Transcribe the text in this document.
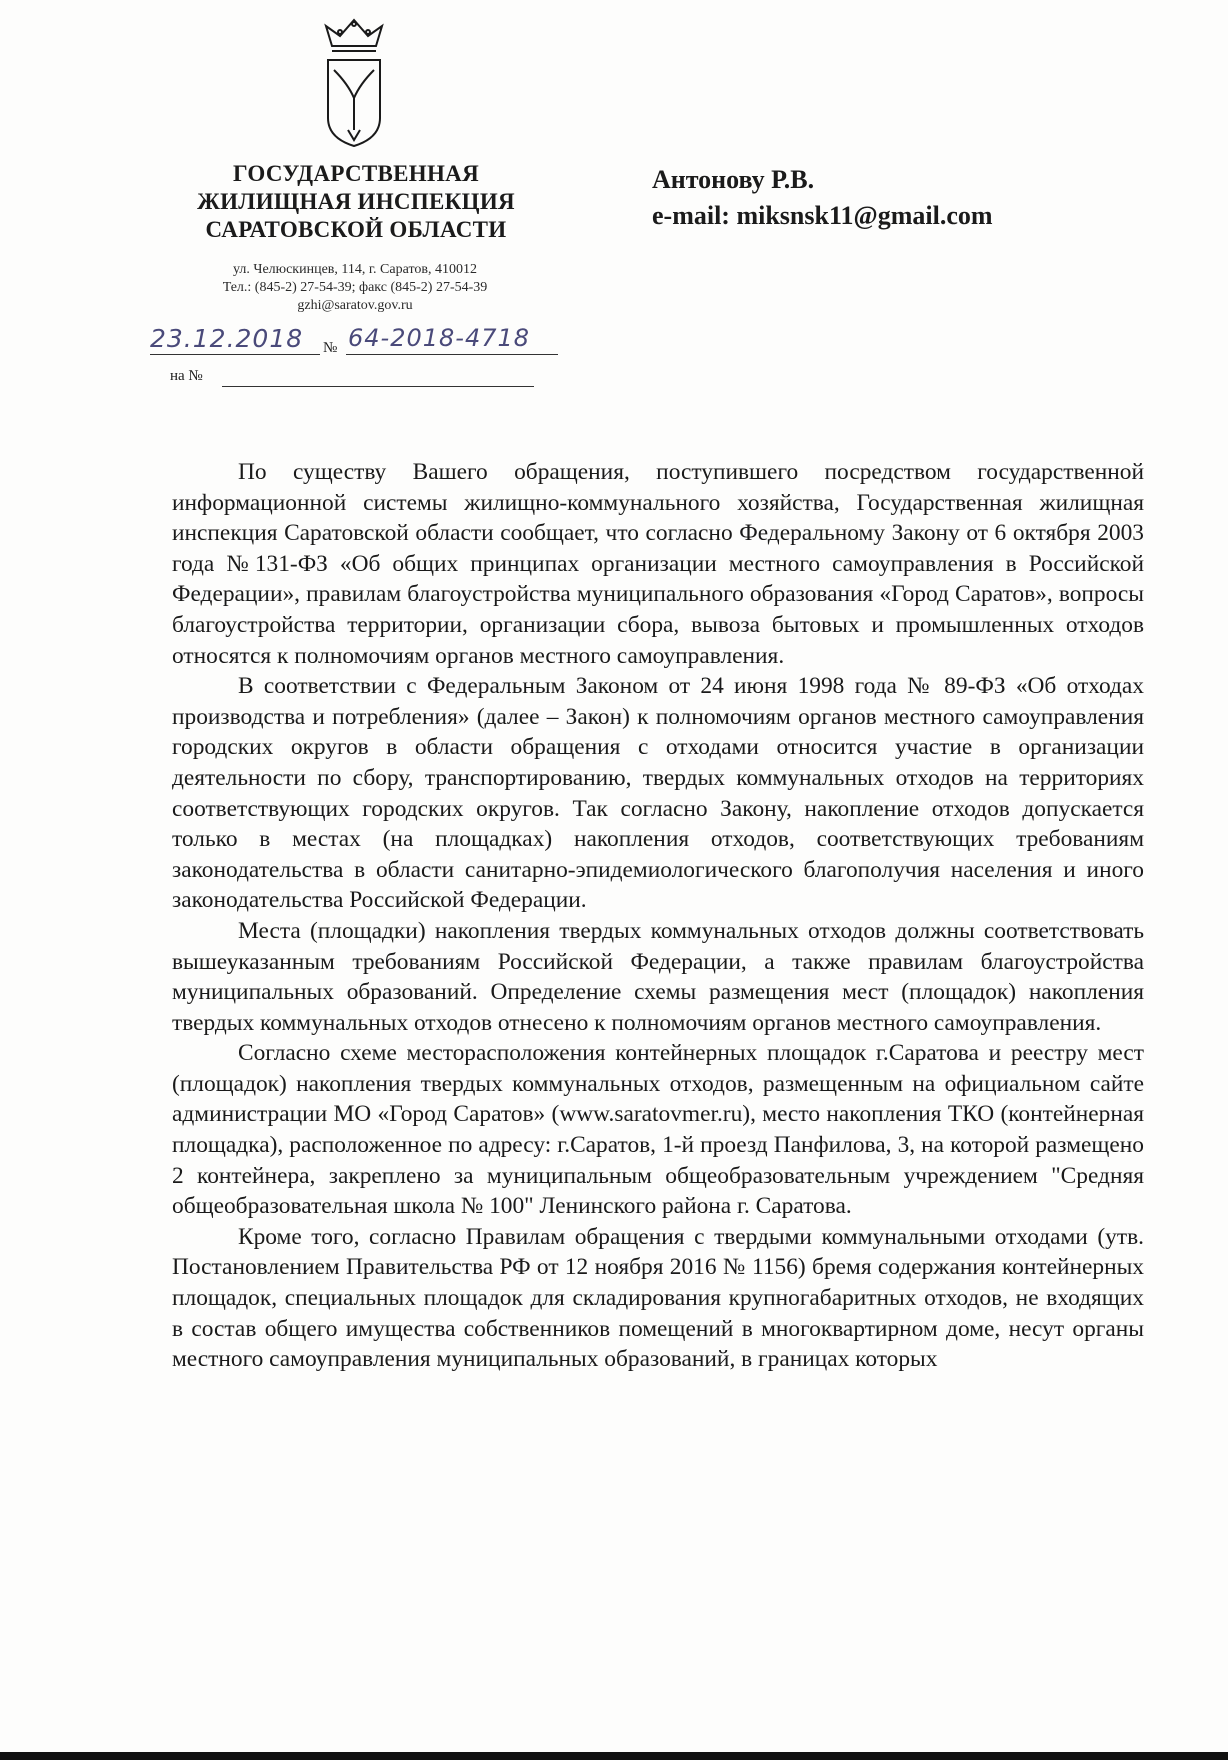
ГОСУДАРСТВЕННАЯ
ЖИЛИЩНАЯ ИНСПЕКЦИЯ
САРАТОВСКОЙ ОБЛАСТИ
ул. Челюскинцев, 114, г. Саратов, 410012
Тел.: (845-2) 27-54-39; факс (845-2) 27-54-39
gzhi@saratov.gov.ru
23.12.2018 № 64-2018-4718
на №
Антонову Р.В.
e-mail: miksnsk11@gmail.com

По существу Вашего обращения, поступившего посредством государственной информационной системы жилищно-коммунального хозяйства, Государственная жилищная инспекция Саратовской области сообщает, что согласно Федеральному Закону от 6 октября 2003 года №131-ФЗ «Об общих принципах организации местного самоуправления в Российской Федерации», правилам благоустройства муниципального образования «Город Саратов», вопросы благоустройства территории, организации сбора, вывоза бытовых и промышленных отходов относятся к полномочиям органов местного самоуправления.

В соответствии с Федеральным Законом от 24 июня 1998 года № 89-ФЗ «Об отходах производства и потребления» (далее – Закон) к полномочиям органов местного самоуправления городских округов в области обращения с отходами относится участие в организации деятельности по сбору, транспортированию, твердых коммунальных отходов на территориях соответствующих городских округов. Так согласно Закону, накопление отходов допускается только в местах (на площадках) накопления отходов, соответствующих требованиям законодательства в области санитарно-эпидемиологического благополучия населения и иного законодательства Российской Федерации.

Места (площадки) накопления твердых коммунальных отходов должны соответствовать вышеуказанным требованиям Российской Федерации, а также правилам благоустройства муниципальных образований. Определение схемы размещения мест (площадок) накопления твердых коммунальных отходов отнесено к полномочиям органов местного самоуправления.

Согласно схеме месторасположения контейнерных площадок г.Саратова и реестру мест (площадок) накопления твердых коммунальных отходов, размещенным на официальном сайте администрации МО «Город Саратов» (www.saratovmer.ru), место накопления ТКО (контейнерная площадка), расположенное по адресу: г.Саратов, 1-й проезд Панфилова, 3, на которой размещено 2 контейнера, закреплено за муниципальным общеобразовательным учреждением "Средняя общеобразовательная школа № 100" Ленинского района г. Саратова.

Кроме того, согласно Правилам обращения с твердыми коммунальными отходами (утв. Постановлением Правительства РФ от 12 ноября 2016 № 1156) бремя содержания контейнерных площадок, специальных площадок для складирования крупногабаритных отходов, не входящих в состав общего имущества собственников помещений в многоквартирном доме, несут органы местного самоуправления муниципальных образований, в границах которых
